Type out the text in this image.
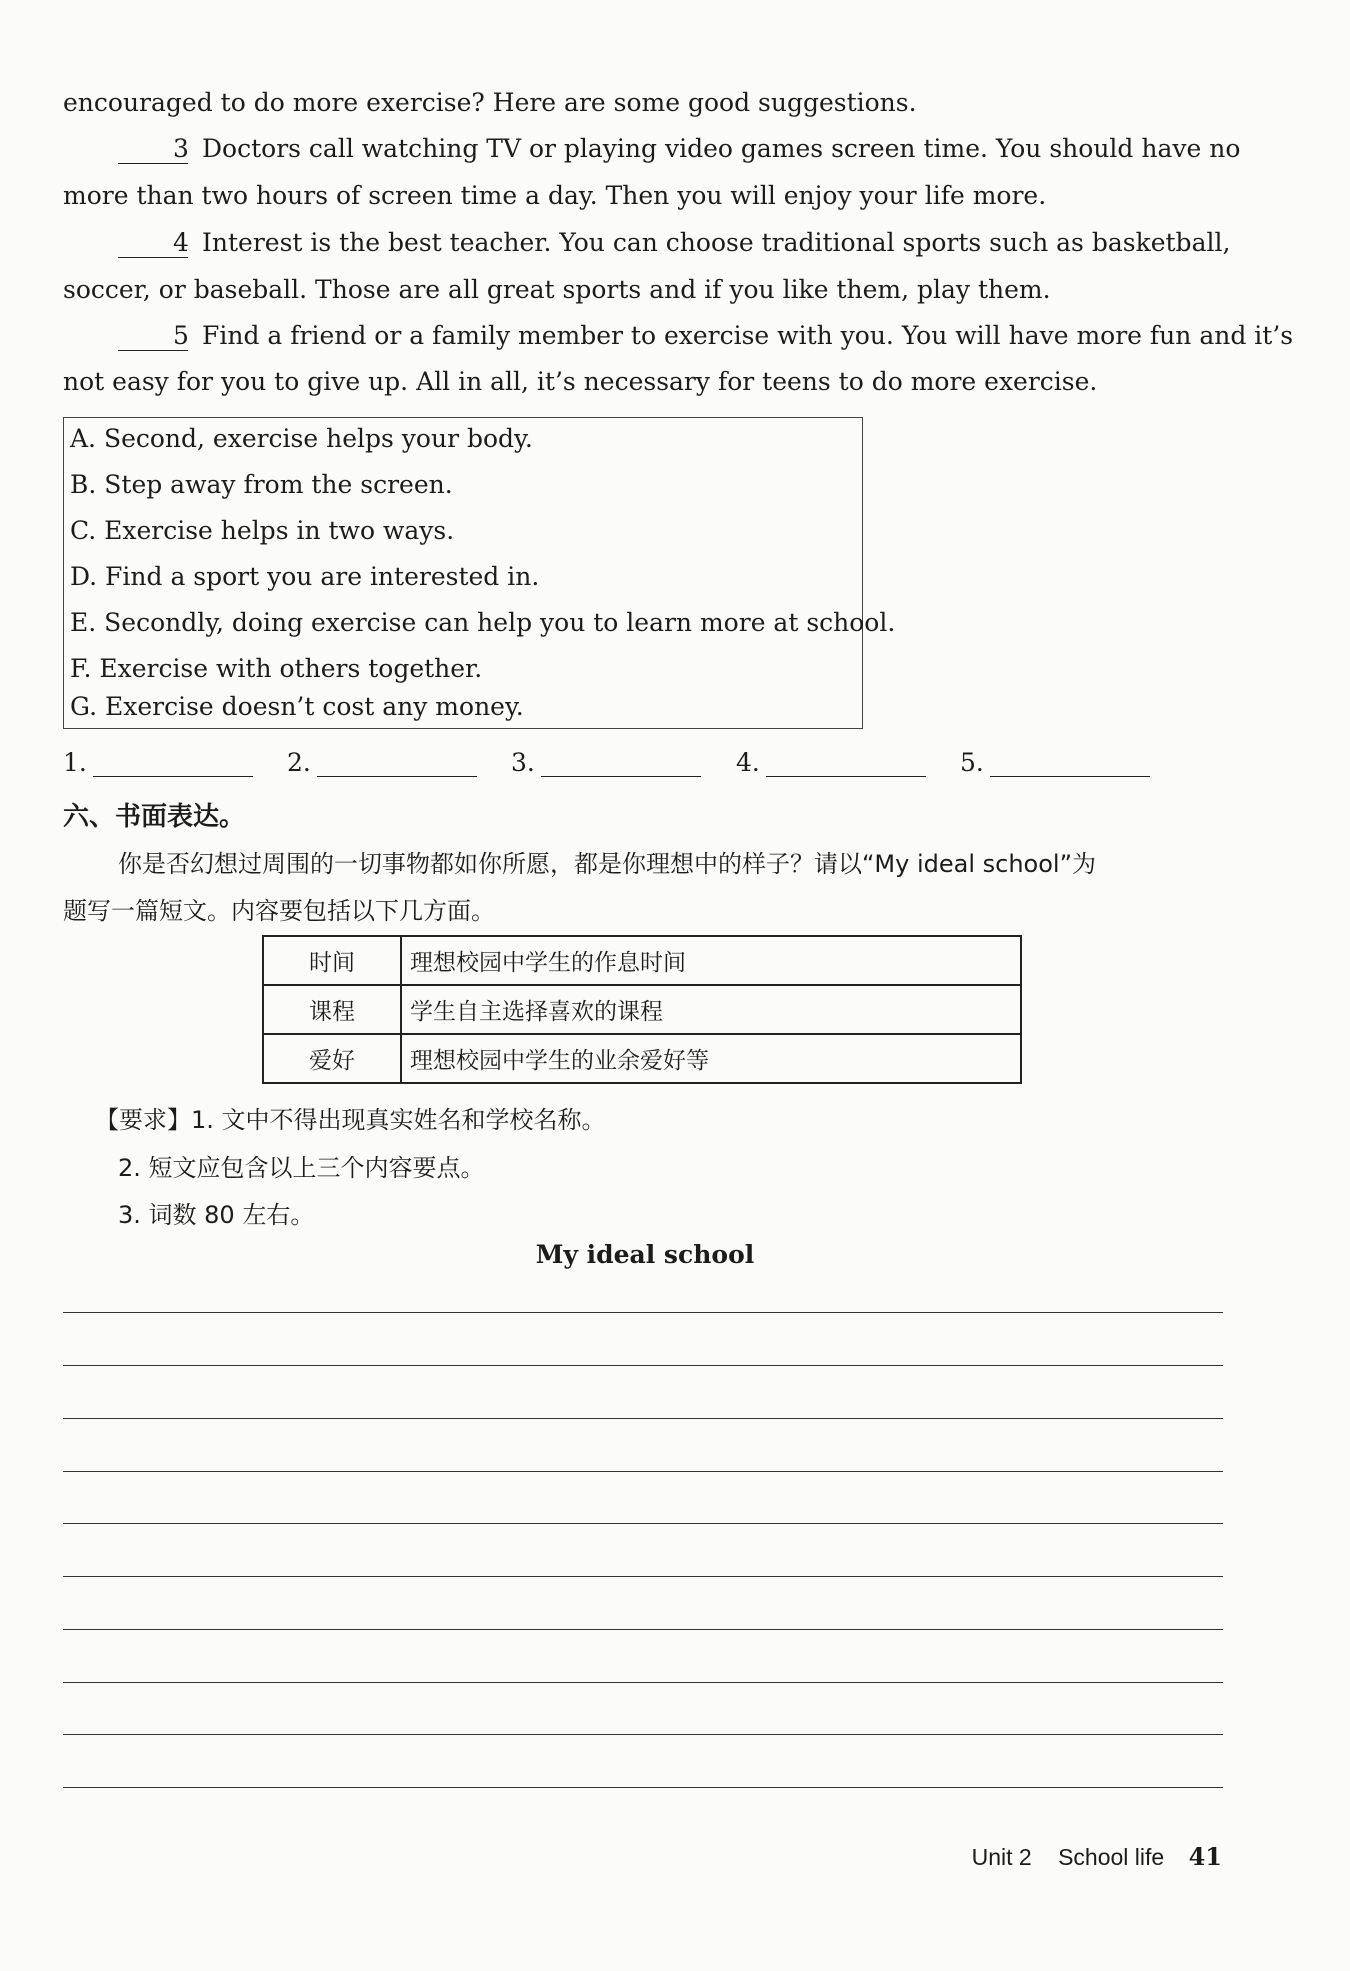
encouraged to do more exercise? Here are some good suggestions.
3 Doctors call watching TV or playing video games screen time. You should have no
more than two hours of screen time a day. Then you will enjoy your life more.
4 Interest is the best teacher. You can choose traditional sports such as basketball,
soccer, or baseball. Those are all great sports and if you like them, play them.
5 Find a friend or a family member to exercise with you. You will have more fun and it’s
not easy for you to give up. All in all, it’s necessary for teens to do more exercise.
A. Second, exercise helps your body.
B. Step away from the screen.
C. Exercise helps in two ways.
D. Find a sport you are interested in.
E. Secondly, doing exercise can help you to learn more at school.
F. Exercise with others together.
G. Exercise doesn’t cost any money.
1.	2.	3.	4.	5.
六、书面表达。
你是否幻想过周围的一切事物都如你所愿，都是你理想中的样子？请以“My ideal school”为
题写一篇短文。内容要包括以下几方面。
时间	理想校园中学生的作息时间
课程	学生自主选择喜欢的课程
爱好	理想校园中学生的业余爱好等
【要求】1. 文中不得出现真实姓名和学校名称。
2. 短文应包含以上三个内容要点。
3. 词数 80 左右。
My ideal school
Unit 2 School life 41
